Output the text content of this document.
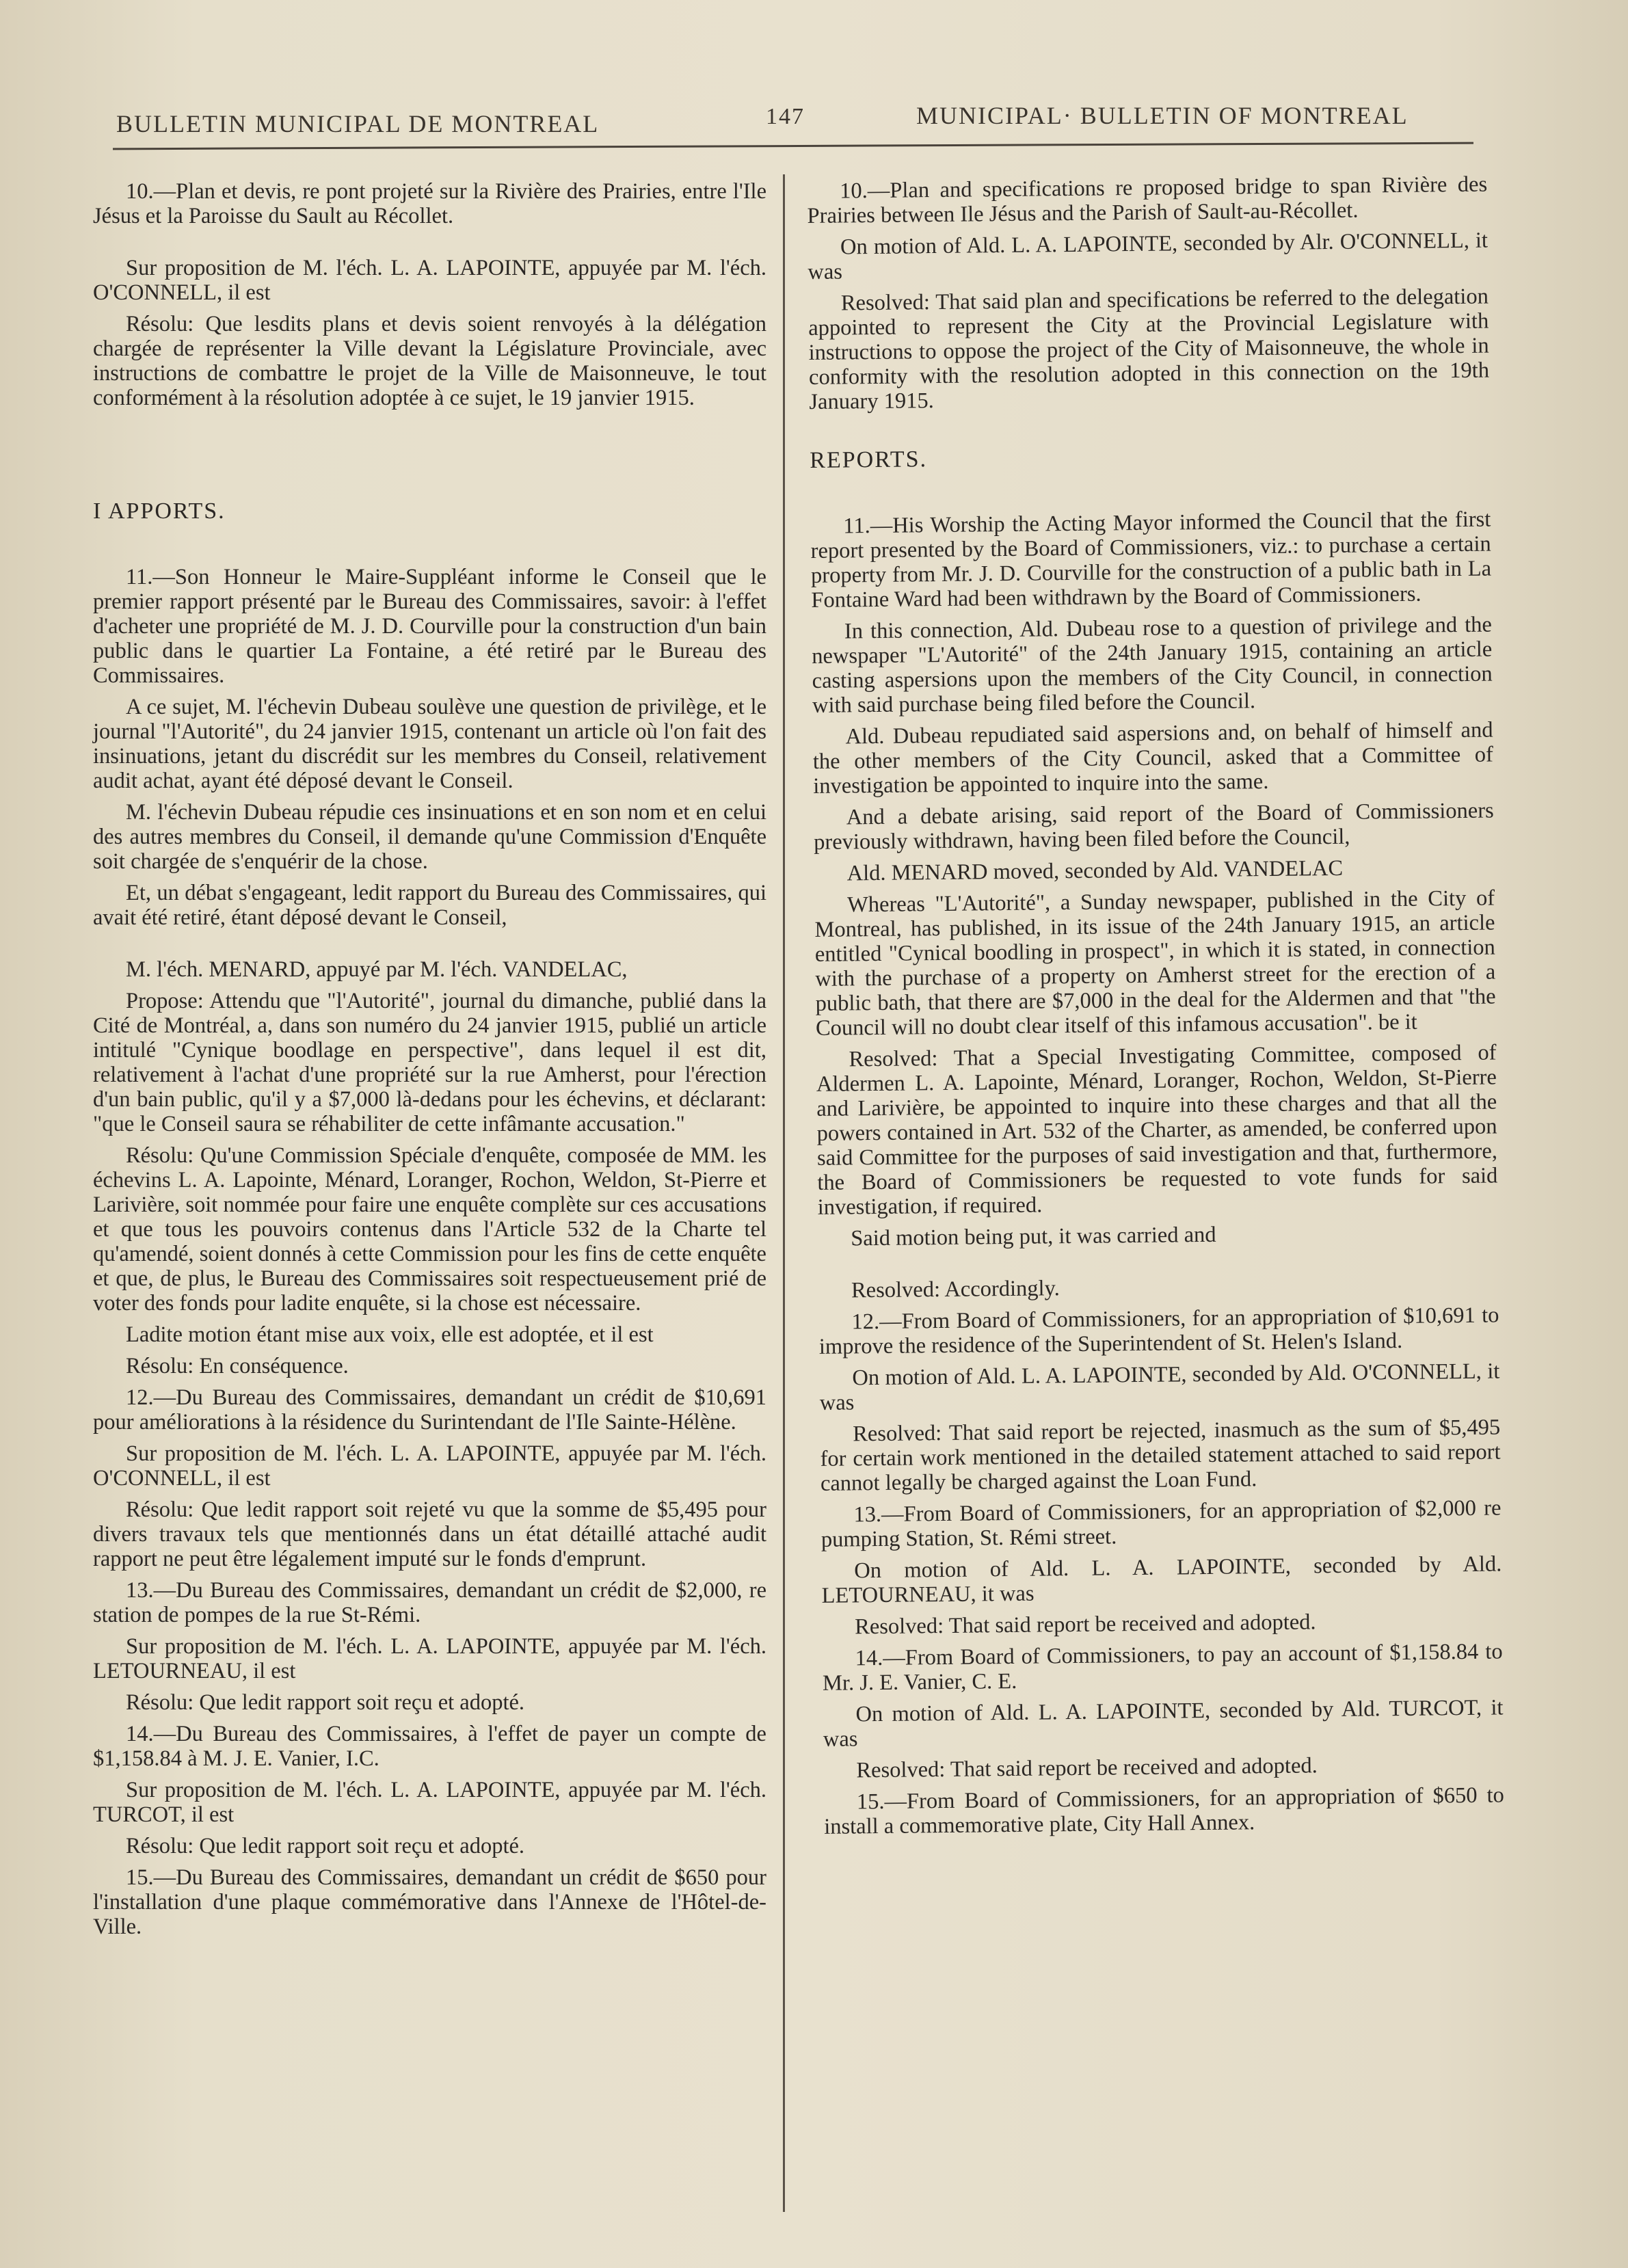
BULLETIN MUNICIPAL DE MONTREAL	147	MUNICIPAL· BULLETIN OF MONTREAL

10.—Plan et devis, re pont projeté sur la Rivière des Prairies, entre l'Ile Jésus et la Paroisse du Sault au Récollet.

Sur proposition de M. l'éch. L. A. LAPOINTE, appuyée par M. l'éch. O'CONNELL, il est

Résolu: Que lesdits plans et devis soient renvoyés à la délégation chargée de représenter la Ville devant la Législature Provinciale, avec instructions de combattre le projet de la Ville de Maisonneuve, le tout conformément à la résolution adoptée à ce sujet, le 19 janvier 1915.

I APPORTS.

11.—Son Honneur le Maire-Suppléant informe le Conseil que le premier rapport présenté par le Bureau des Commissaires, savoir: à l'effet d'acheter une propriété de M. J. D. Courville pour la construction d'un bain public dans le quartier La Fontaine, a été retiré par le Bureau des Commissaires.

A ce sujet, M. l'échevin Dubeau soulève une question de privilège, et le journal "l'Autorité", du 24 janvier 1915, contenant un article où l'on fait des insinuations, jetant du discrédit sur les membres du Conseil, relativement audit achat, ayant été déposé devant le Conseil.

M. l'échevin Dubeau répudie ces insinuations et en son nom et en celui des autres membres du Conseil, il demande qu'une Commission d'Enquête soit chargée de s'enquérir de la chose.

Et, un débat s'engageant, ledit rapport du Bureau des Commissaires, qui avait été retiré, étant déposé devant le Conseil,

M. l'éch. MENARD, appuyé par M. l'éch. VANDELAC,

Propose: Attendu que "l'Autorité", journal du dimanche, publié dans la Cité de Montréal, a, dans son numéro du 24 janvier 1915, publié un article intitulé "Cynique boodlage en perspective", dans lequel il est dit, relativement à l'achat d'une propriété sur la rue Amherst, pour l'érection d'un bain public, qu'il y a $7,000 là-dedans pour les échevins, et déclarant: "que le Conseil saura se réhabiliter de cette infâmante accusation."

Résolu: Qu'une Commission Spéciale d'enquête, composée de MM. les échevins L. A. Lapointe, Ménard, Loranger, Rochon, Weldon, St-Pierre et Larivière, soit nommée pour faire une enquête complète sur ces accusations et que tous les pouvoirs contenus dans l'Article 532 de la Charte tel qu'amendé, soient donnés à cette Commission pour les fins de cette enquête et que, de plus, le Bureau des Commissaires soit respectueusement prié de voter des fonds pour ladite enquête, si la chose est nécessaire.

Ladite motion étant mise aux voix, elle est adoptée, et il est

Résolu: En conséquence.

12.—Du Bureau des Commissaires, demandant un crédit de $10,691 pour améliorations à la résidence du Surintendant de l'Ile Sainte-Hélène.

Sur proposition de M. l'éch. L. A. LAPOINTE, appuyée par M. l'éch. O'CONNELL, il est

Résolu: Que ledit rapport soit rejeté vu que la somme de $5,495 pour divers travaux tels que mentionnés dans un état détaillé attaché audit rapport ne peut être légalement imputé sur le fonds d'emprunt.

13.—Du Bureau des Commissaires, demandant un crédit de $2,000, re station de pompes de la rue St-Rémi.

Sur proposition de M. l'éch. L. A. LAPOINTE, appuyée par M. l'éch. LETOURNEAU, il est

Résolu: Que ledit rapport soit reçu et adopté.

14.—Du Bureau des Commissaires, à l'effet de payer un compte de $1,158.84 à M. J. E. Vanier, I.C.

Sur proposition de M. l'éch. L. A. LAPOINTE, appuyée par M. l'éch. TURCOT, il est

Résolu: Que ledit rapport soit reçu et adopté.

15.—Du Bureau des Commissaires, demandant un crédit de $650 pour l'installation d'une plaque commémorative dans l'Annexe de l'Hôtel-de-Ville.

10.—Plan and specifications re proposed bridge to span Rivière des Prairies between Ile Jésus and the Parish of Sault-au-Récollet.

On motion of Ald. L. A. LAPOINTE, seconded by Alr. O'CONNELL, it was

Resolved: That said plan and specifications be referred to the delegation appointed to represent the City at the Provincial Legislature with instructions to oppose the project of the City of Maisonneuve, the whole in conformity with the resolution adopted in this connection on the 19th January 1915.

REPORTS.

11.—His Worship the Acting Mayor informed the Council that the first report presented by the Board of Commissioners, viz.: to purchase a certain property from Mr. J. D. Courville for the construction of a public bath in La Fontaine Ward had been withdrawn by the Board of Commissioners.

In this connection, Ald. Dubeau rose to a question of privilege and the newspaper "L'Autorité" of the 24th January 1915, containing an article casting aspersions upon the members of the City Council, in connection with said purchase being filed before the Council.

Ald. Dubeau repudiated said aspersions and, on behalf of himself and the other members of the City Council, asked that a Committee of investigation be appointed to inquire into the same.

And a debate arising, said report of the Board of Commissioners previously withdrawn, having been filed before the Council,

Ald. MENARD moved, seconded by Ald. VANDELAC

Whereas "L'Autorité", a Sunday newspaper, published in the City of Montreal, has published, in its issue of the 24th January 1915, an article entitled "Cynical boodling in prospect", in which it is stated, in connection with the purchase of a property on Amherst street for the erection of a public bath, that there are $7,000 in the deal for the Aldermen and that "the Council will no doubt clear itself of this infamous accusation". be it

Resolved: That a Special Investigating Committee, composed of Aldermen L. A. Lapointe, Ménard, Loranger, Rochon, Weldon, St-Pierre and Larivière, be appointed to inquire into these charges and that all the powers contained in Art. 532 of the Charter, as amended, be conferred upon said Committee for the purposes of said investigation and that, furthermore, the Board of Commissioners be requested to vote funds for said investigation, if required.

Said motion being put, it was carried and

Resolved: Accordingly.

12.—From Board of Commissioners, for an appropriation of $10,691 to improve the residence of the Superintendent of St. Helen's Island.

On motion of Ald. L. A. LAPOINTE, seconded by Ald. O'CONNELL, it was

Resolved: That said report be rejected, inasmuch as the sum of $5,495 for certain work mentioned in the detailed statement attached to said report cannot legally be charged against the Loan Fund.

13.—From Board of Commissioners, for an appropriation of $2,000 re pumping Station, St. Rémi street.

On motion of Ald. L. A. LAPOINTE, seconded by Ald. LETOURNEAU, it was

Resolved: That said report be received and adopted.

14.—From Board of Commissioners, to pay an account of $1,158.84 to Mr. J. E. Vanier, C. E.

On motion of Ald. L. A. LAPOINTE, seconded by Ald. TURCOT, it was

Resolved: That said report be received and adopted.

15.—From Board of Commissioners, for an appropriation of $650 to install a commemorative plate, City Hall Annex.
